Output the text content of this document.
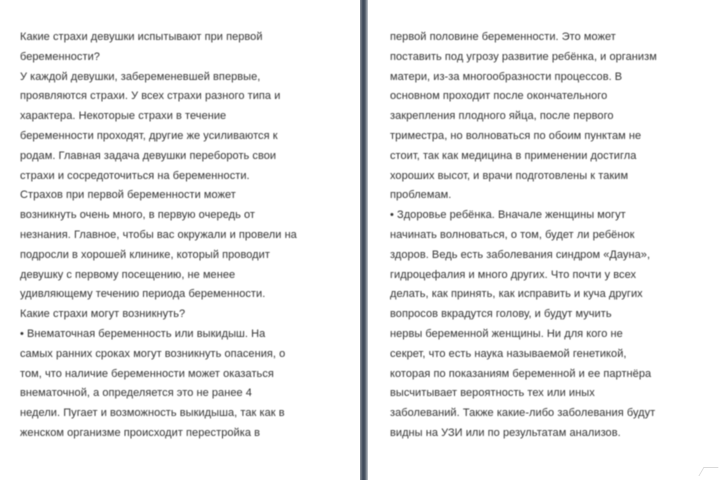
Какие страхи девушки испытывают при первой
беременности?
У каждой девушки, забеременевшей впервые,
проявляются страхи. У всех страхи разного типа и
характера. Некоторые страхи в течение
беременности проходят, другие же усиливаются к
родам. Главная задача девушки перебороть свои
страхи и сосредоточиться на беременности.
Страхов при первой беременности может
возникнуть очень много, в первую очередь от
незнания. Главное, чтобы вас окружали и провели на
подросли в хорошей клинике, который проводит
девушку с первому посещению, не менее
удивляющему течению периода беременности.
Какие страхи могут возникнуть?
• Внематочная беременность или выкидыш. На
самых ранних сроках могут возникнуть опасения, о
том, что наличие беременности может оказаться
внематочной, а определяется это не ранее 4
недели. Пугает и возможность выкидыша, так как в
женском организме происходит перестройка в
первой половине беременности. Это может
поставить под угрозу развитие ребёнка, и организм
матери, из-за многообразности процессов. В
основном проходит после окончательного
закрепления плодного яйца, после первого
триместра, но волноваться по обоим пунктам не
стоит, так как медицина в применении достигла
хороших высот, и врачи подготовлены к таким
проблемам.
• Здоровье ребёнка. Вначале женщины могут
начинать волноваться, о том, будет ли ребёнок
здоров. Ведь есть заболевания синдром «Дауна»,
гидроцефалия и много других. Что почти у всех
делать, как принять, как исправить и куча других
вопросов вкрадутся голову, и будут мучить
нервы беременной женщины. Ни для кого не
секрет, что есть наука называемой генетикой,
которая по показаниям беременной и ее партнёра
высчитывает вероятность тех или иных
заболеваний. Также какие-либо заболевания будут
видны на УЗИ или по результатам анализов.
